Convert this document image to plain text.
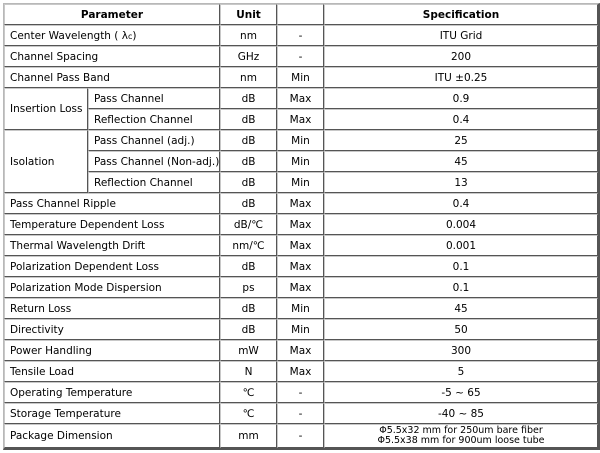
Parameter		Unit		Specification
Center Wavelength ( λc)		nm	-	ITU Grid
Channel Spacing		GHz	-	200
Channel Pass Band		nm	Min	ITU ±0.25
Insertion Loss	Pass Channel	dB	Max	0.9
	Reflection Channel	dB	Max	0.4
Isolation	Pass Channel (adj.)	dB	Min	25
	Pass Channel (Non-adj.)	dB	Min	45
	Reflection Channel	dB	Min	13
Pass Channel Ripple		dB	Max	0.4
Temperature Dependent Loss		dB/℃	Max	0.004
Thermal Wavelength Drift		nm/℃	Max	0.001
Polarization Dependent Loss		dB	Max	0.1
Polarization Mode Dispersion		ps	Max	0.1
Return Loss		dB	Min	45
Directivity		dB	Min	50
Power Handling		mW	Max	300
Tensile Load		N	Max	5
Operating Temperature		℃	-	-5 ~ 65
Storage Temperature		℃	-	-40 ~ 85
Package Dimension		mm	-	Φ5.5x32 mm for 250um bare fiber
Φ5.5x38 mm for 900um loose tube
